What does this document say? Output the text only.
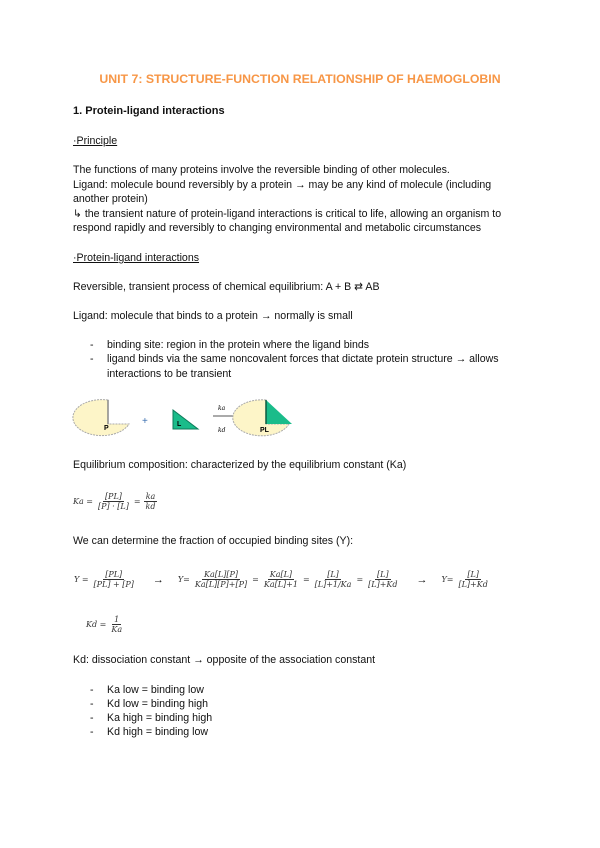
UNIT 7: STRUCTURE-FUNCTION RELATIONSHIP OF HAEMOGLOBIN
1. Protein-ligand interactions
·Principle
The functions of many proteins involve the reversible binding of other molecules.
Ligand: molecule bound reversibly by a protein → may be any kind of molecule (including
another protein)
↳ the transient nature of protein-ligand interactions is critical to life, allowing an organism to
respond rapidly and reversibly to changing environmental and metabolic circumstances
·Protein-ligand interactions
Reversible, transient process of chemical equilibrium: A + B ⇄ AB
Ligand: molecule that binds to a protein → normally is small
- binding site: region in the protein where the ligand binds
- ligand binds via the same noncovalent forces that dictate protein structure → allows
interactions to be transient
P
+	L
ka
kd	PL
Equilibrium composition: characterized by the equilibrium constant (Ka)
$Ka = \frac{[PL]}{[P] \cdot [L]} = \frac{ka}{kd}$
We can determine the fraction of occupied binding sites (Y):
$Y = \frac{[PL]}{[PL] + [P]} \to Y= \frac{Ka[L][P]}{Ka[L][P]+[P]} = \frac{Ka[L]}{Ka[L]+1} = \frac{[L]}{[L]+1/Ka} = \frac{[L]}{[L]+Kd} \to Y= \frac{[L]}{[L]+Kd}$
$Kd = \frac{1}{Ka}$
Kd: dissociation constant → opposite of the association constant
- Ka low = binding low
- Kd low = binding high
- Ka high = binding high
- Kd high = binding low
